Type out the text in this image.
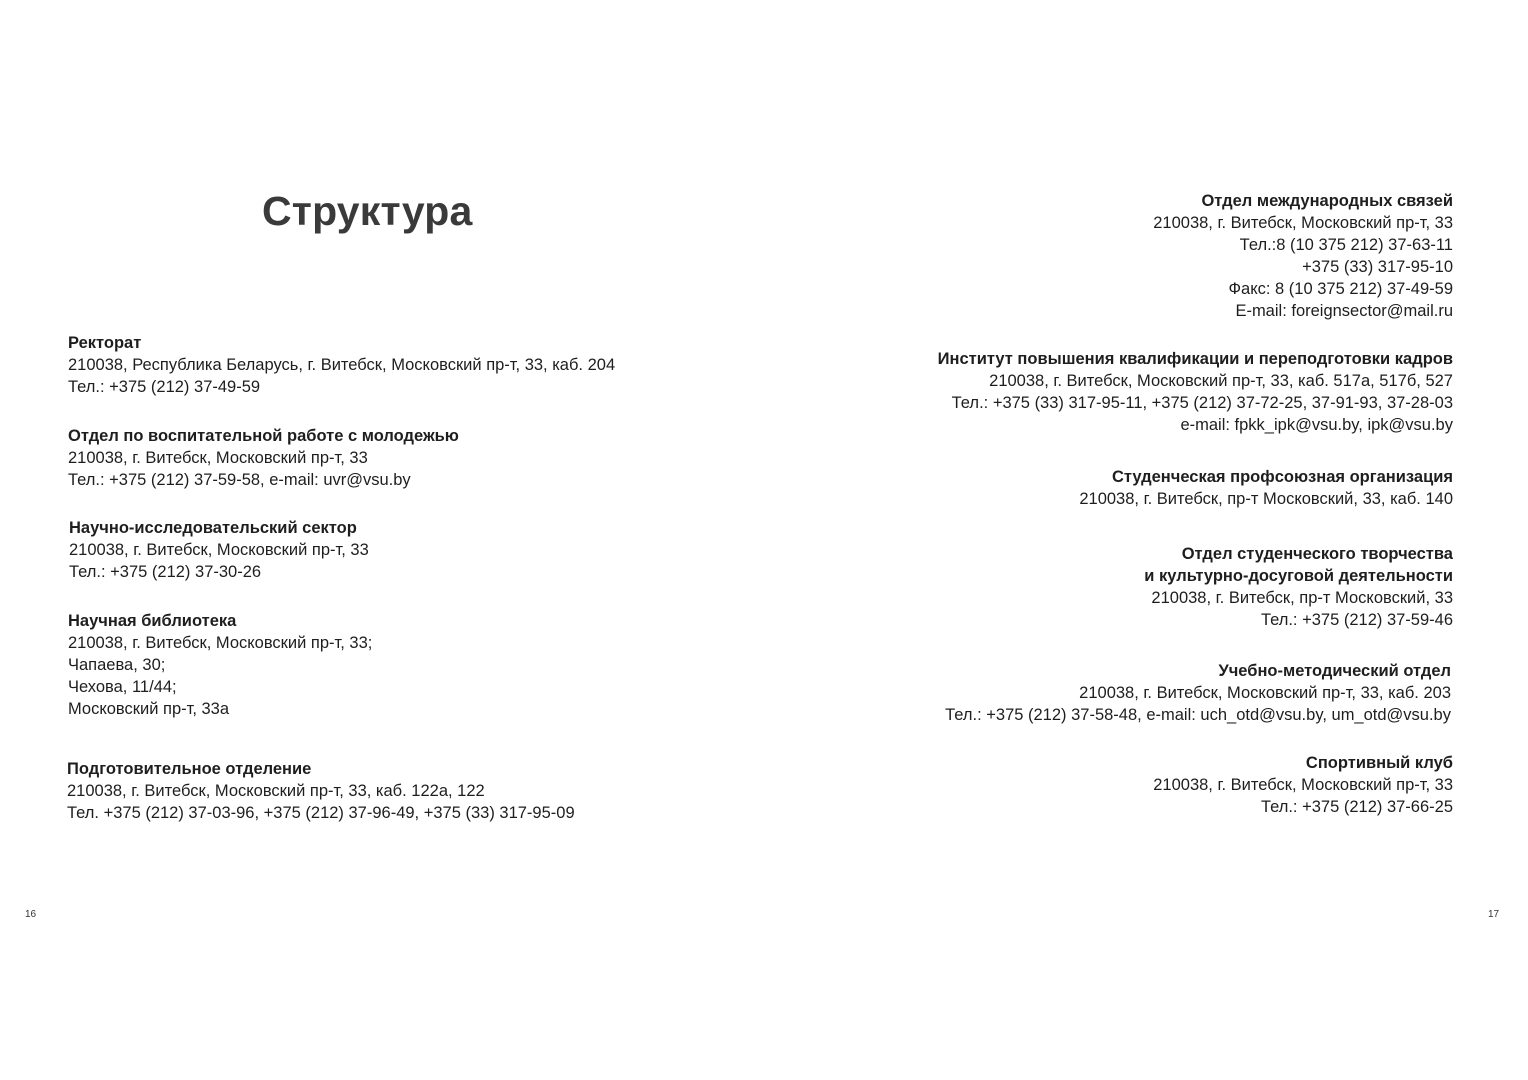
Структура
Ректорат
210038, Республика Беларусь, г. Витебск, Московский пр-т, 33, каб. 204
Тел.: +375 (212) 37-49-59
Отдел по воспитательной работе с молодежью
210038, г. Витебск, Московский пр-т, 33
Тел.: +375 (212) 37-59-58, e-mail: uvr@vsu.by
Научно-исследовательский сектор
210038, г. Витебск, Московский пр-т, 33
Тел.: +375 (212) 37-30-26
Научная библиотека
210038, г. Витебск, Московский пр-т, 33;
Чапаева, 30;
Чехова, 11/44;
Московский пр-т, 33а
Подготовительное отделение
210038, г. Витебск, Московский пр-т, 33, каб. 122а, 122
Тел. +375 (212) 37-03-96, +375 (212) 37-96-49, +375 (33) 317-95-09
Отдел международных связей
210038, г. Витебск, Московский пр-т, 33
Тел.:8 (10 375 212) 37-63-11
+375 (33) 317-95-10
Факс: 8 (10 375 212) 37-49-59
E-mail: foreignsector@mail.ru
Институт повышения квалификации и переподготовки кадров
210038, г. Витебск, Московский пр-т, 33, каб. 517а, 517б, 527
Тел.: +375 (33) 317-95-11, +375 (212) 37-72-25, 37-91-93, 37-28-03
e-mail: fpkk_ipk@vsu.by, ipk@vsu.by
Студенческая профсоюзная организация
210038, г. Витебск, пр-т Московский, 33, каб. 140
Отдел студенческого творчества
и культурно-досуговой деятельности
210038, г. Витебск, пр-т Московский, 33
Тел.: +375 (212) 37-59-46
Учебно-методический отдел
210038, г. Витебск, Московский пр-т, 33, каб. 203
Тел.: +375 (212) 37-58-48, e-mail: uch_otd@vsu.by, um_otd@vsu.by
Спортивный клуб
210038, г. Витебск, Московский пр-т, 33
Тел.: +375 (212) 37-66-25
16	17
